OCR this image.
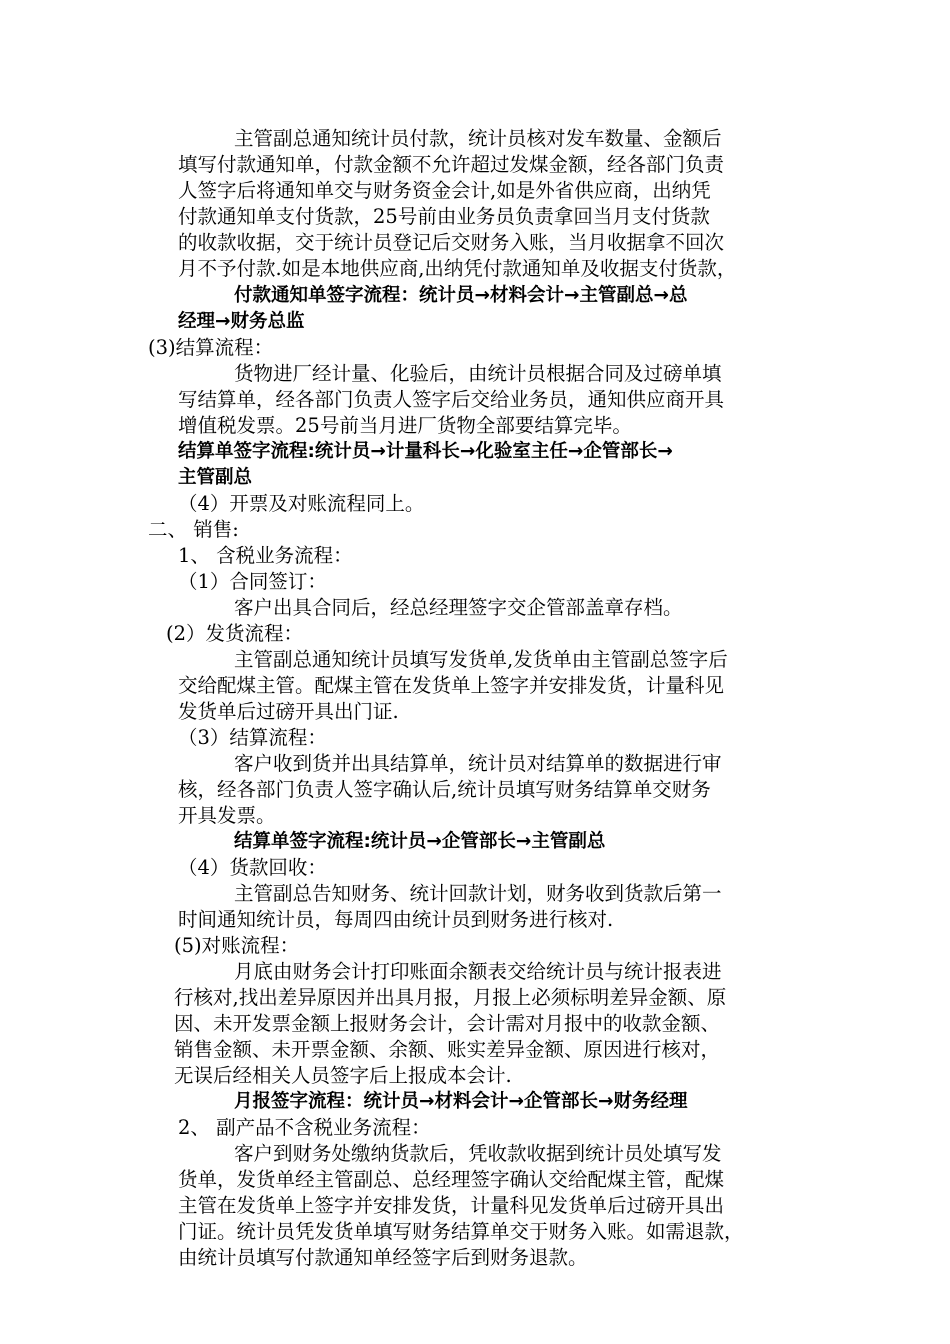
主管副总通知统计员付款，统计员核对发车数量、金额后
填写付款通知单，付款金额不允许超过发煤金额，经各部门负责
人签字后将通知单交与财务资金会计,如是外省供应商，出纳凭
付款通知单支付货款，25号前由业务员负责拿回当月支付货款
的收款收据，交于统计员登记后交财务入账，当月收据拿不回次
月不予付款.如是本地供应商,出纳凭付款通知单及收据支付货款，
付款通知单签字流程：统计员→材料会计→主管副总→总
经理→财务总监
(3)结算流程：
货物进厂经计量、化验后，由统计员根据合同及过磅单填
写结算单，经各部门负责人签字后交给业务员，通知供应商开具
增值税发票。25号前当月进厂货物全部要结算完毕。
结算单签字流程:统计员→计量科长→化验室主任→企管部长→
主管副总
（4）开票及对账流程同上。
二、 销售:
1、 含税业务流程：
（1）合同签订：
客户出具合同后，经总经理签字交企管部盖章存档。
(2）发货流程：
主管副总通知统计员填写发货单,发货单由主管副总签字后
交给配煤主管。配煤主管在发货单上签字并安排发货，计量科见
发货单后过磅开具出门证.
（3）结算流程：
客户收到货并出具结算单，统计员对结算单的数据进行审
核，经各部门负责人签字确认后,统计员填写财务结算单交财务
开具发票。
结算单签字流程:统计员→企管部长→主管副总
（4）货款回收：
主管副总告知财务、统计回款计划，财务收到货款后第一
时间通知统计员，每周四由统计员到财务进行核对.
(5)对账流程：
月底由财务会计打印账面余额表交给统计员与统计报表进
行核对,找出差异原因并出具月报，月报上必须标明差异金额、原
因、未开发票金额上报财务会计，会计需对月报中的收款金额、
销售金额、未开票金额、余额、账实差异金额、原因进行核对，
无误后经相关人员签字后上报成本会计.
月报签字流程：统计员→材料会计→企管部长→财务经理
2、 副产品不含税业务流程：
客户到财务处缴纳货款后，凭收款收据到统计员处填写发
货单，发货单经主管副总、总经理签字确认交给配煤主管，配煤
主管在发货单上签字并安排发货，计量科见发货单后过磅开具出
门证。统计员凭发货单填写财务结算单交于财务入账。如需退款，
由统计员填写付款通知单经签字后到财务退款。
